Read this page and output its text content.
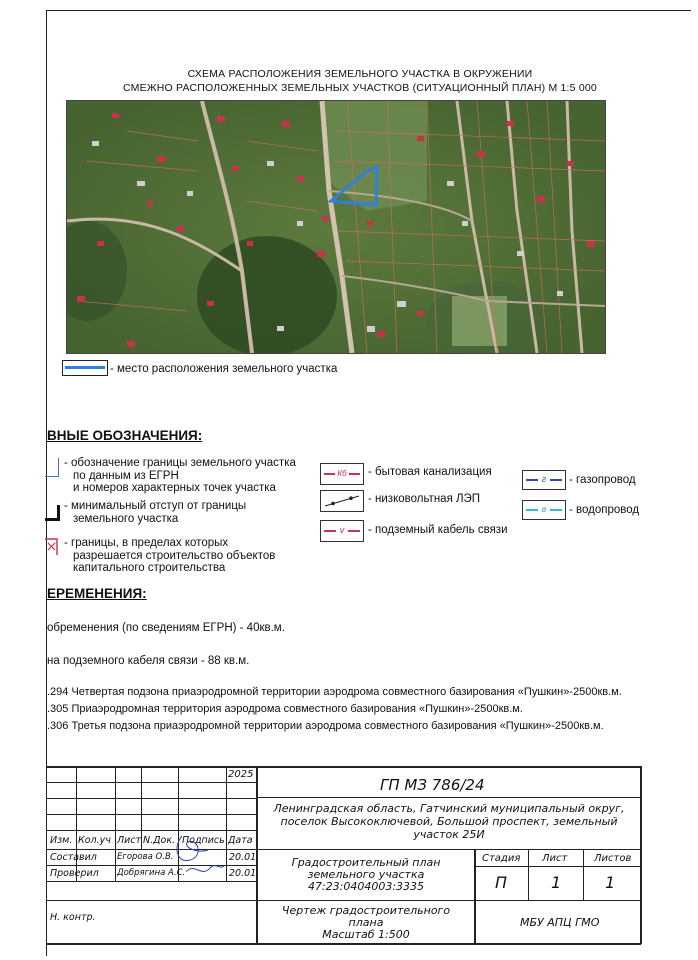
СХЕМА РАСПОЛОЖЕНИЯ ЗЕМЕЛЬНОГО УЧАСТКА В ОКРУЖЕНИИ
СМЕЖНО РАСПОЛОЖЕННЫХ ЗЕМЕЛЬНЫХ УЧАСТКОВ (СИТУАЦИОННЫЙ ПЛАН) М 1:5 000
- место расположения земельного участка
ВНЫЕ ОБОЗНАЧЕНИЯ:
- обозначение границы земельного участка
по данным из ЕГРН
и номеров характерных точек участка
- минимальный отступ от границы
земельного участка
- границы, в пределах которых
разрешается строительство объектов
капитального строительства
Кб - бытовая канализация
- низковольтная ЛЭП
v	- подземный кабель связи
г	- газопровод
в	- водопровод
ЕРЕМЕНЕНИЯ:
обременения (по сведениям ЕГРН) - 40кв.м.
на подземного кабеля связи - 88 кв.м.
.294 Четвертая подзона приаэродромной территории аэродрома совместного базирования «Пушкин»-2500кв.м.
.305 Приаэродромная территория аэродрома совместного базирования «Пушкин»-2500кв.м.
.306 Третья подзона приаэродромной территории аэродрома совместного базирования «Пушкин»-2500кв.м.
2025
ГП МЗ 786/24
Ленинградская область, Гатчинский муниципальный округ, поселок Высокоключевой, Большой проспект, земельный участок 25И
Изм. Кол.уч Лист N.Док. Подпись Дата
Составил Егорова О.В.	20.01
Проверил Добрягина А.С.	20.01
Н. контр.
Градостроительный план
земельного участка
47:23:0404003:3335
Стадия Лист	Листов
П	1	1
Чертеж градостроительного
плана
Масштаб 1:500
МБУ АПЦ ГМО
